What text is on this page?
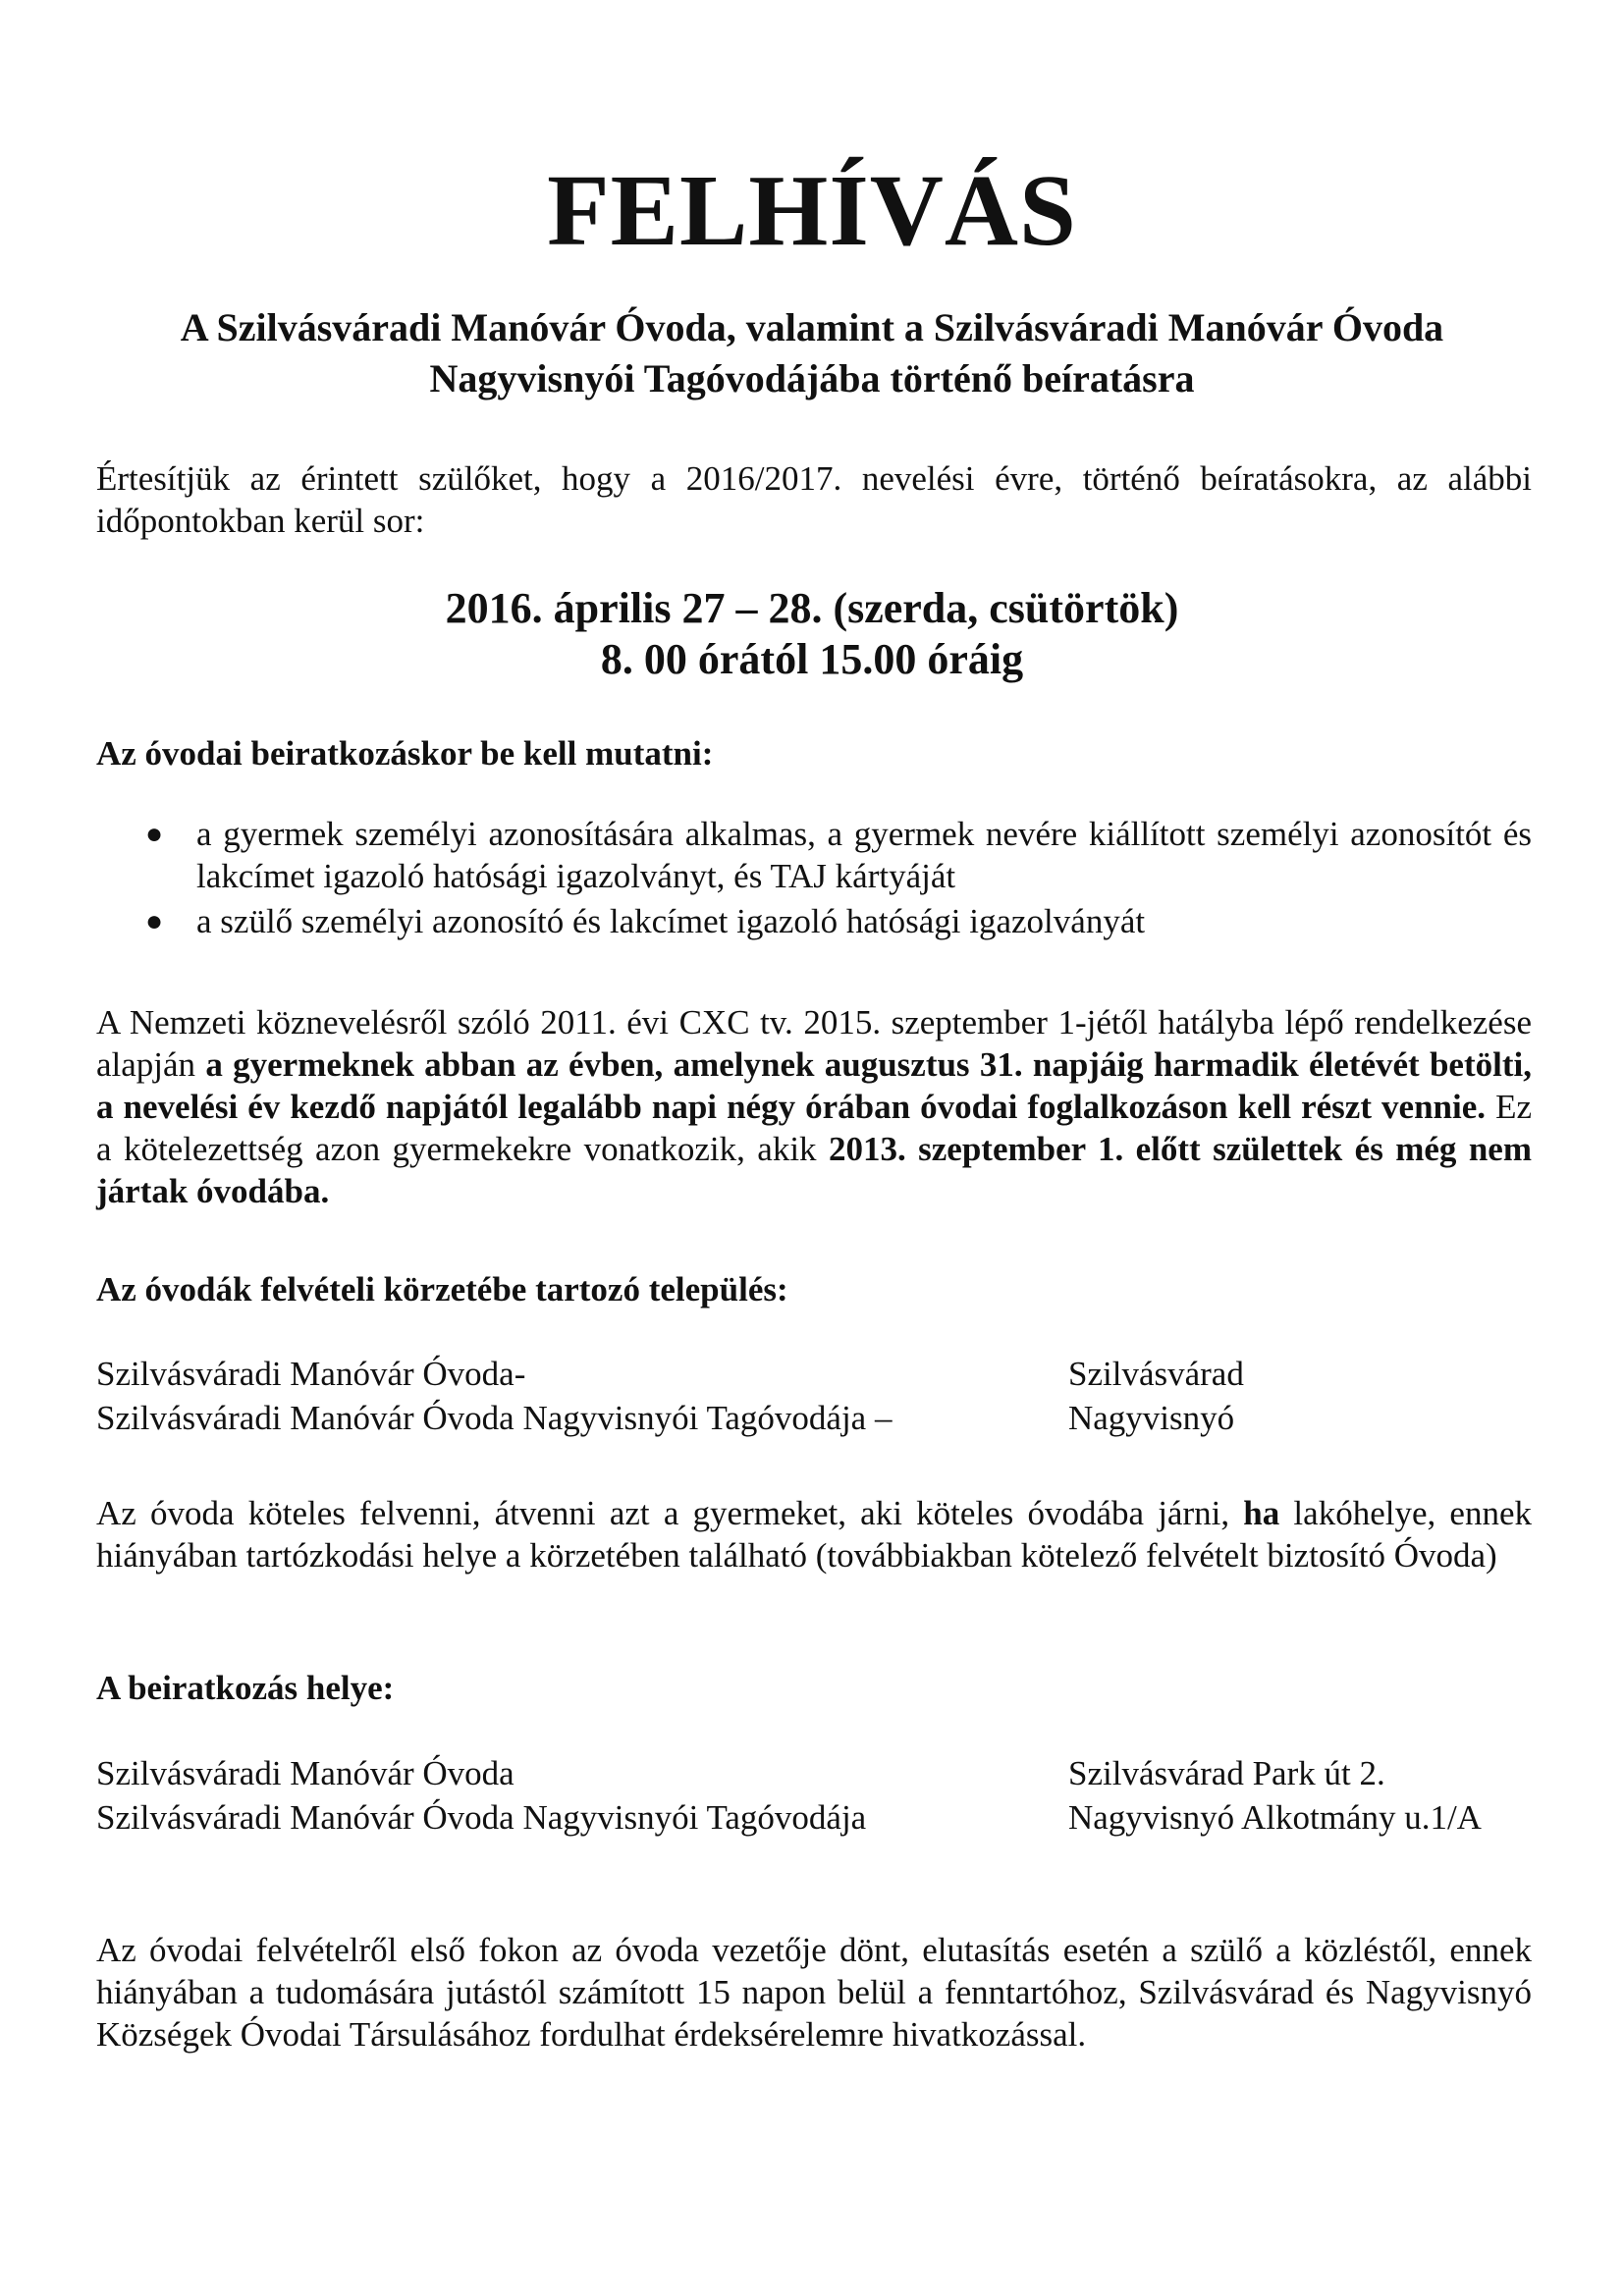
FELHÍVÁS
A Szilvásváradi Manóvár Óvoda, valamint a Szilvásváradi Manóvár Óvoda
Nagyvisnyói Tagóvodájába történő beíratásra
Értesítjük az érintett szülőket, hogy a 2016/2017. nevelési évre, történő beíratásokra, az alábbi időpontokban kerül sor:
2016. április 27 – 28. (szerda, csütörtök)
8. 00 órától 15.00 óráig
Az óvodai beiratkozáskor be kell mutatni:
● a gyermek személyi azonosítására alkalmas, a gyermek nevére kiállított személyi azonosítót és lakcímet igazoló hatósági igazolványt, és TAJ kártyáját
● a szülő személyi azonosító és lakcímet igazoló hatósági igazolványát
A Nemzeti köznevelésről szóló 2011. évi CXC tv. 2015. szeptember 1-jétől hatályba lépő rendelkezése alapján a gyermeknek abban az évben, amelynek augusztus 31. napjáig harmadik életévét betölti, a nevelési év kezdő napjától legalább napi négy órában óvodai foglalkozáson kell részt vennie. Ez a kötelezettség azon gyermekekre vonatkozik, akik 2013. szeptember 1. előtt születtek és még nem jártak óvodába.
Az óvodák felvételi körzetébe tartozó település:
Szilvásváradi Manóvár Óvoda-	Szilvásvárad
Szilvásváradi Manóvár Óvoda Nagyvisnyói Tagóvodája –	Nagyvisnyó
Az óvoda köteles felvenni, átvenni azt a gyermeket, aki köteles óvodába járni, ha lakóhelye, ennek hiányában tartózkodási helye a körzetében található (továbbiakban kötelező felvételt biztosító Óvoda)
A beiratkozás helye:
Szilvásváradi Manóvár Óvoda	Szilvásvárad Park út 2.
Szilvásváradi Manóvár Óvoda Nagyvisnyói Tagóvodája	Nagyvisnyó Alkotmány u.1/A
Az óvodai felvételről első fokon az óvoda vezetője dönt, elutasítás esetén a szülő a közléstől, ennek hiányában a tudomására jutástól számított 15 napon belül a fenntartóhoz, Szilvásvárad és Nagyvisnyó Községek Óvodai Társulásához fordulhat érdeksérelemre hivatkozással.
